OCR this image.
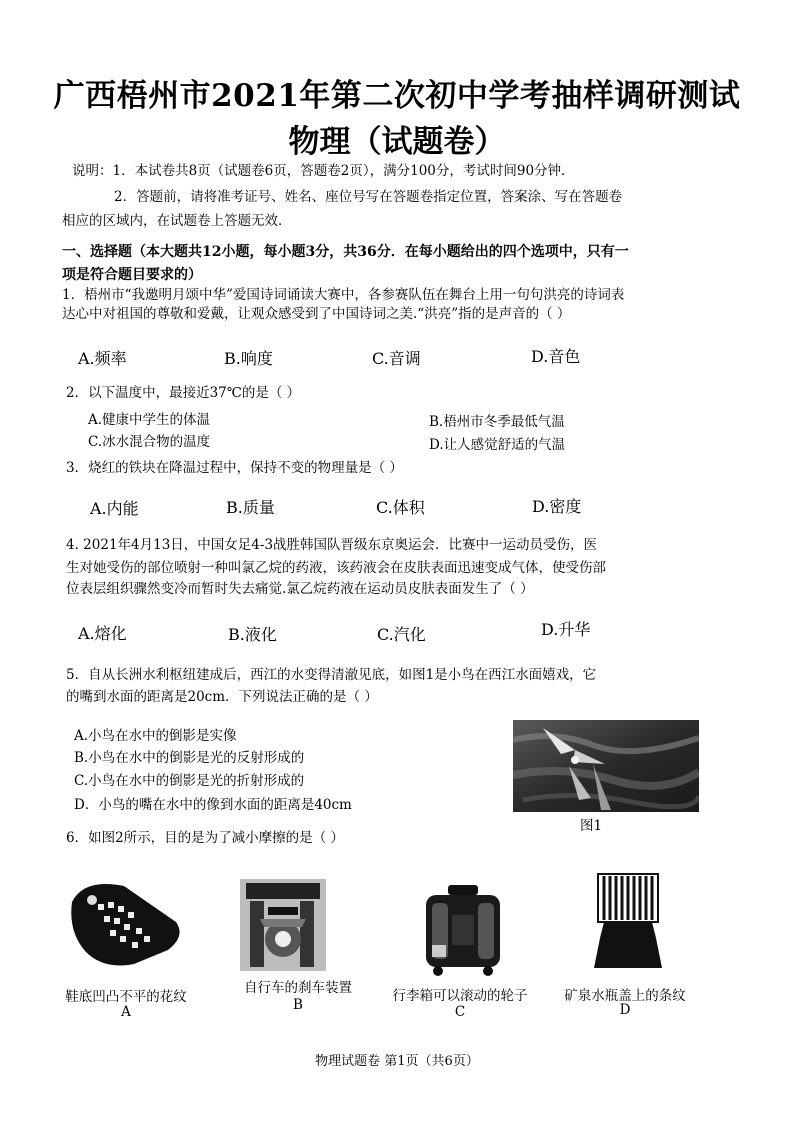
广西梧州市2021年第二次初中学考抽样调研测试
物理（试题卷）
说明：1．本试卷共8页（试题卷6页，答题卷2页），满分100分，考试时间90分钟．
2．答题前，请将准考证号、姓名、座位号写在答题卷指定位置，答案涂、写在答题卷
相应的区域内，在试题卷上答题无效．
一、选择题（本大题共12小题，每小题3分，共36分．在每小题给出的四个选项中，只有一
项是符合题目要求的）
1．梧州市“我邀明月颂中华”爱国诗词诵读大赛中，各参赛队伍在舞台上用一句句洪亮的诗词表
达心中对祖国的尊敬和爱戴，让观众感受到了中国诗词之美.“洪亮”指的是声音的（ ）
A.频率	B.响度	C.音调	D.音色
2．以下温度中，最接近37℃的是（ ）
A.健康中学生的体温	B.梧州市冬季最低气温
C.冰水混合物的温度	D.让人感觉舒适的气温
3．烧红的铁块在降温过程中，保持不变的物理量是（ ）
A.内能	B.质量	C.体积	D.密度
4. 2021年4月13日，中国女足4-3战胜韩国队晋级东京奥运会．比赛中一运动员受伤，医
生对她受伤的部位喷射一种叫氯乙烷的药液，该药液会在皮肤表面迅速变成气体，使受伤部
位表层组织骤然变冷而暂时失去痛觉.氯乙烷药液在运动员皮肤表面发生了（ ）
A.熔化	B.液化	C.汽化	D.升华
5．自从长洲水利枢纽建成后，西江的水变得清澈见底，如图1是小鸟在西江水面嬉戏，它
的嘴到水面的距离是20cm．下列说法正确的是（ ）
A.小鸟在水中的倒影是实像
B.小鸟在水中的倒影是光的反射形成的
C.小鸟在水中的倒影是光的折射形成的
D．小鸟的嘴在水中的像到水面的距离是40cm
图1
6．如图2所示，目的是为了减小摩擦的是（ ）
鞋底凹凸不平的花纹
A
自行车的刹车装置
B
行李箱可以滚动的轮子
C
矿泉水瓶盖上的条纹
D
物理试题卷 第1页（共6页）
